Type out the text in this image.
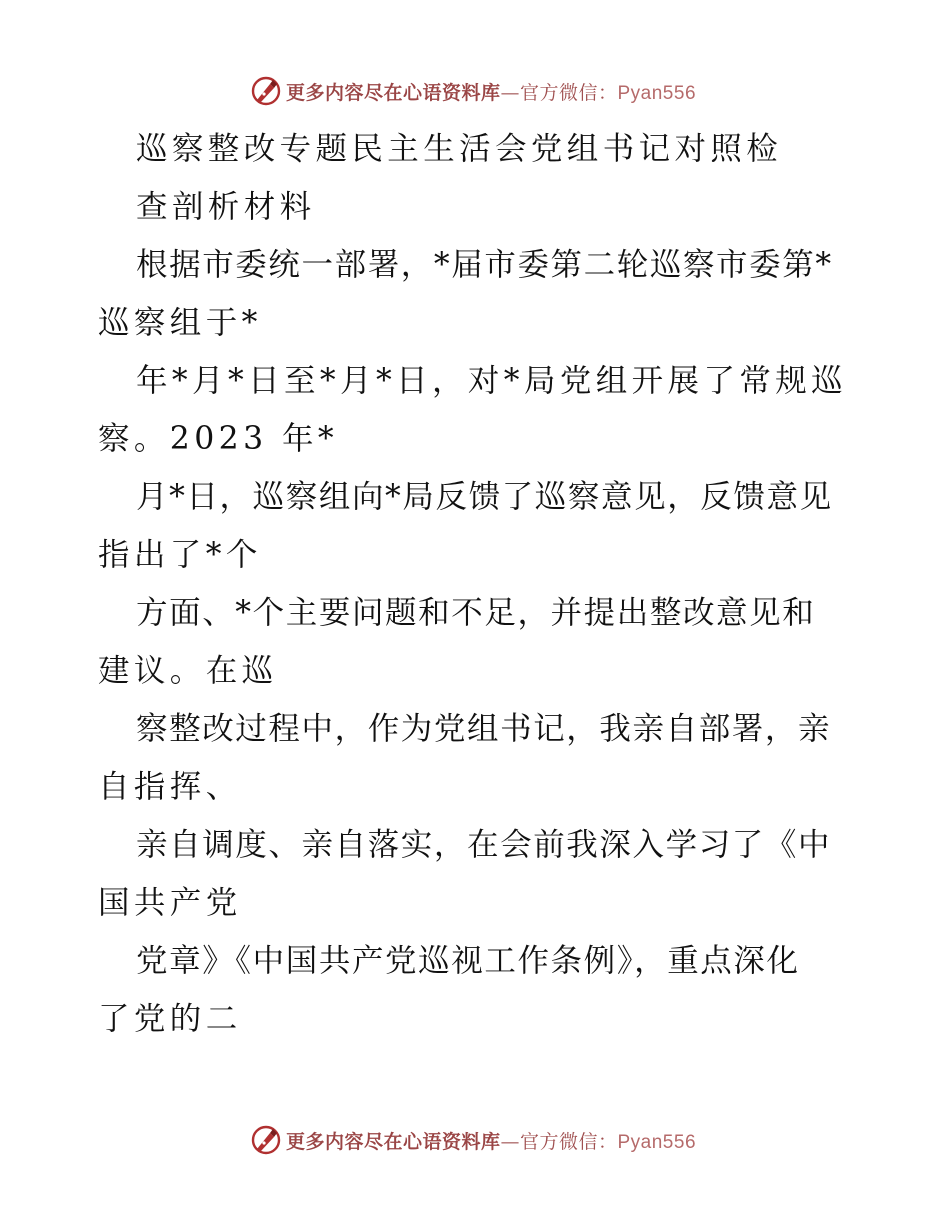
更多内容尽在心语资料库—官方微信：Pyan556
巡察整改专题民主生活会党组书记对照检
查剖析材料
根据市委统一部署，*届市委第二轮巡察市委第*
巡察组于*
年*月*日至*月*日，对*局党组开展了常规巡
察。2023 年*
月*日，巡察组向*局反馈了巡察意见，反馈意见
指出了*个
方面、*个主要问题和不足，并提出整改意见和
建议。在巡
察整改过程中，作为党组书记，我亲自部署，亲
自指挥、
亲自调度、亲自落实，在会前我深入学习了《中
国共产党
党章》《中国共产党巡视工作条例》，重点深化
了党的二
更多内容尽在心语资料库—官方微信：Pyan556
